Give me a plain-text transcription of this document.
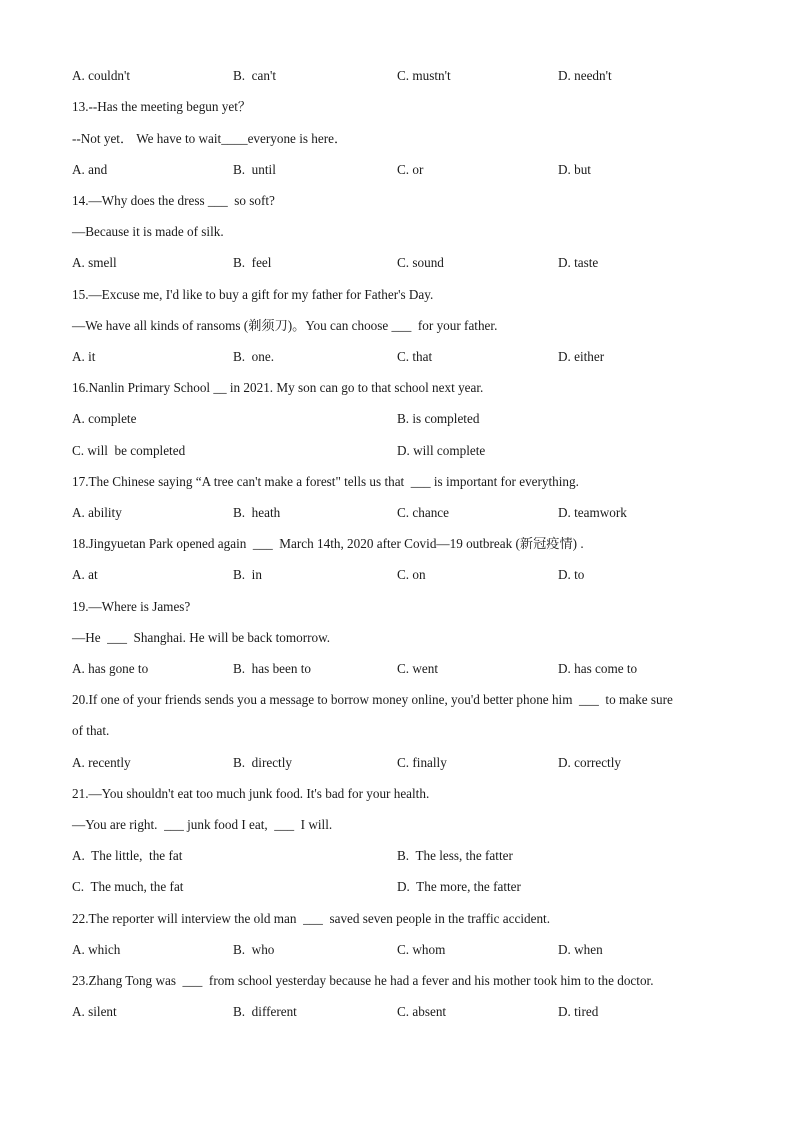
A. couldn't	B.  can't	C. mustn't	D. needn't
13.--Has the meeting begun yet？
--Not yet． We have to wait____everyone is here．
A. and	B.  until	C. or	D. but
14.—Why does the dress ___  so soft?
—Because it is made of silk.
A. smell	B.  feel	C. sound	D. taste
15.—Excuse me, I'd like to buy a gift for my father for Father's Day.
—We have all kinds of ransoms (剃须刀)。You can choose ___  for your father.
A. it	B.  one.	C. that	D. either
16.Nanlin Primary School __ in 2021. My son can go to that school next year.
A. complete	B. is completed
C. will  be completed	D. will complete
17.The Chinese saying “A tree can't make a forest" tells us that  ___ is important for everything.
A. ability	B.  heath	C. chance	D. teamwork
18.Jingyuetan Park opened again  ___  March 14th, 2020 after Covid—19 outbreak (新冠疫情) .
A. at	B.  in	C. on	D. to
19.—Where is James?
—He  ___  Shanghai. He will be back tomorrow.
A. has gone to	B.  has been to	C. went	D. has come to
20.If one of your friends sends you a message to borrow money online, you'd better phone him  ___  to make sure
of that.
A. recently	B.  directly	C. finally	D. correctly
21.—You shouldn't eat too much junk food. It's bad for your health.
—You are right.  ___ junk food I eat,  ___  I will.
A.  The little,  the fat	B.  The less, the fatter
C.  The much, the fat	D.  The more, the fatter
22.The reporter will interview the old man  ___  saved seven people in the traffic accident.
A. which	B.  who	C. whom	D. when
23.Zhang Tong was  ___  from school yesterday because he had a fever and his mother took him to the doctor.
A. silent	B.  different	C. absent	D. tired
